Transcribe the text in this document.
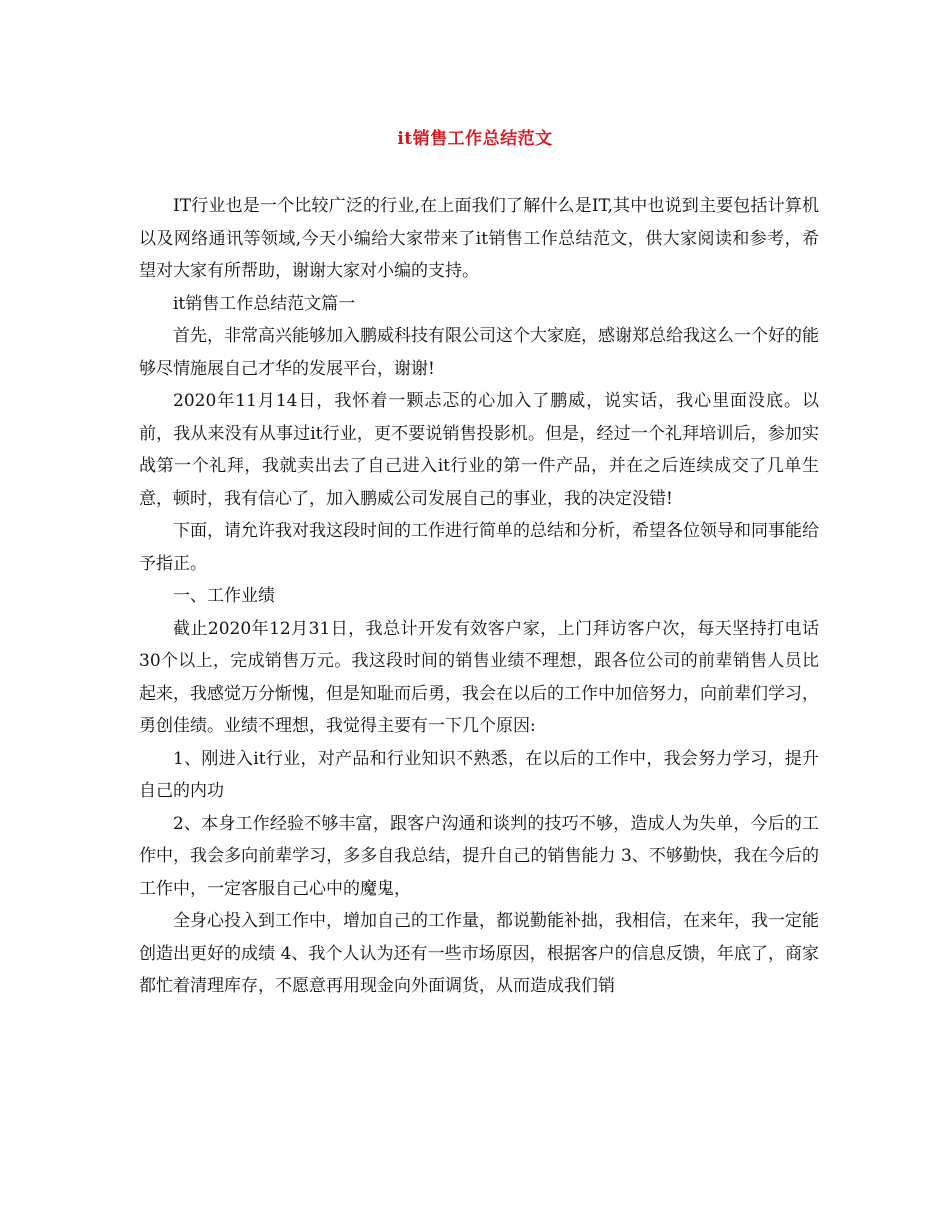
it销售工作总结范文

IT行业也是一个比较广泛的行业,在上面我们了解什么是IT,其中也说到主要包括计算机以及网络通讯等领域,今天小编给大家带来了it销售工作总结范文，供大家阅读和参考，希望对大家有所帮助，谢谢大家对小编的支持。

it销售工作总结范文篇一

首先，非常高兴能够加入鹏威科技有限公司这个大家庭，感谢郑总给我这么一个好的能够尽情施展自己才华的发展平台，谢谢!

2020年11月14日，我怀着一颗忐忑的心加入了鹏威，说实话，我心里面没底。以前，我从来没有从事过it行业，更不要说销售投影机。但是，经过一个礼拜培训后，参加实战第一个礼拜，我就卖出去了自己进入it行业的第一件产品，并在之后连续成交了几单生意，顿时，我有信心了，加入鹏威公司发展自己的事业，我的决定没错!

下面，请允许我对我这段时间的工作进行简单的总结和分析，希望各位领导和同事能给予指正。

一、工作业绩

截止2020年12月31日，我总计开发有效客户家，上门拜访客户次，每天坚持打电话 30个以上，完成销售万元。我这段时间的销售业绩不理想，跟各位公司的前辈销售人员比起来，我感觉万分惭愧，但是知耻而后勇，我会在以后的工作中加倍努力，向前辈们学习，勇创佳绩。业绩不理想，我觉得主要有一下几个原因:

1、刚进入it行业，对产品和行业知识不熟悉，在以后的工作中，我会努力学习，提升自己的内功

2、本身工作经验不够丰富，跟客户沟通和谈判的技巧不够，造成人为失单，今后的工作中，我会多向前辈学习，多多自我总结，提升自己的销售能力 3、不够勤快，我在今后的工作中，一定客服自己心中的魔鬼，

全身心投入到工作中，增加自己的工作量，都说勤能补拙，我相信，在来年，我一定能创造出更好的成绩 4、我个人认为还有一些市场原因，根据客户的信息反馈，年底了，商家都忙着清理库存，不愿意再用现金向外面调货，从而造成我们销
